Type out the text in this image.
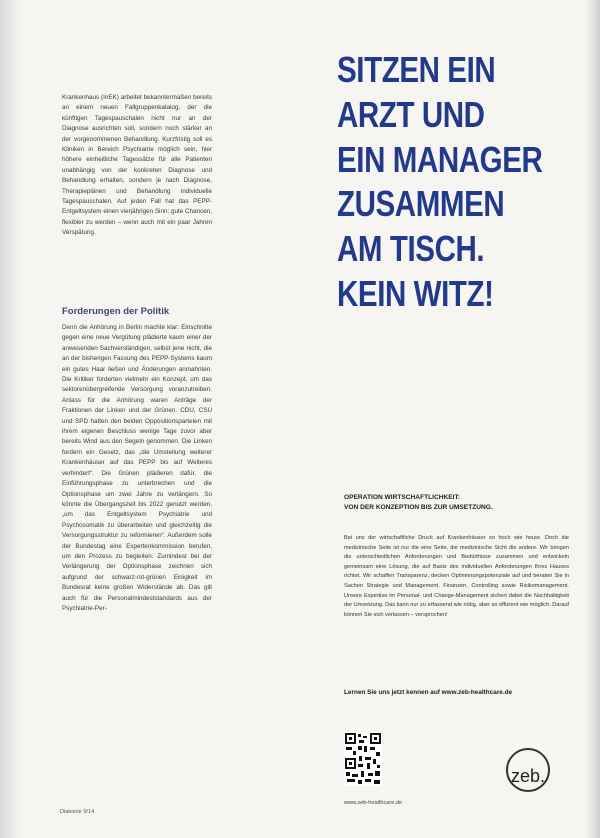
Krankenhaus (InEK) arbeitet bekanntermaßen bereits an einem neuen Fallgruppenkatalog, der die künftigen Tagespauschalen nicht nur an der Diagnose ausrichten soll, sondern noch stärker an der vorgenommenen Behandlung. Kurzfristig soll es Kliniken in Bereich Psychiatrie möglich sein, hier höhere einheitliche Tagessätze für alle Patienten unabhängig von der konkreten Diagnose und Behandlung erhalten, sondern je nach Diagnose, Therapieplänen und Behandlung individuelle Tagespauschalen. Auf jeden Fall hat das PEPP-Entgeltsystem einen vierjährigen Sinn: gute Chancen, flexibler zu werden – wenn auch mit ein paar Jahren Verspätung.

Forderungen der Politik

Denn die Anhörung in Berlin machte klar: Einschnitte gegen eine neue Vergütung plädierte kaum einer der anwesenden Sachverständigen, selbst jene nicht, die an der bisherigen Fassung des PEPP-Systems kaum ein gutes Haar ließen und Änderungen anmahnten. Die Kritiker forderten vielmehr ein Konzept, um das sektorenübergreifende Versorgung voranzutreiben. Anlass für die Anhörung waren Anträge der Fraktionen der Linken und der Grünen. CDU, CSU und SPD hatten den beiden Oppositionsparteien mit ihrem eigenen Beschluss wenige Tage zuvor aber bereits Wind aus den Segeln genommen. Die Linken fordern ein Gesetz, das „die Umstellung weiterer Krankenhäuser auf das PEPP bis auf Weiteres verhindert“. Die Grünen plädieren dafür, die Einführungsphase zu unterbrechen und die Optionsphase um zwei Jahre zu verlängern. So könnte die Übergangszeit bis 2022 genutzt werden, „um das Entgeltsystem Psychiatrie und Psychosomatik zu überarbeiten und gleichzeitig die Versorgungsstruktur zu reformieren“. Außerdem solle der Bundestag eine Expertenkommission berufen, um den Prozess zu begleiten. Zumindest bei der Verlängerung der Optionsphase zeichnen sich aufgrund der schwarz-rot-grünen Einigkeit im Bundesrat keine großen Widerstände ab. Das gilt auch für die Personalmindeststandards aus der Psychiatrie-Per-

Diakonie 9/14

SITZEN EIN

ARZT UND

EIN MANAGER

ZUSAMMEN

AM TISCH.

KEIN WITZ!

OPERATION WIRTSCHAFTLICHKEIT:
VON DER KONZEPTION BIS ZUR UMSETZUNG.
Bei uns der wirtschaftliche Druck auf Krankenhäuser so hoch wie heute. Doch die medizinische Seite ist nur die eine Seite, die medizinische Sicht die andere. Wir bringen die unterschiedlichen Anforderungen und Bedürfnisse zusammen und entwickeln gemeinsam eine Lösung, die auf Basis des individuellen Anforderungen Ihres Hauses richtet. Wir schaffen Transparenz, decken Optimierungspotenziale auf und beraten Sie in Sachen Strategie und Management, Finanzen, Controlling sowie Risikomanagement. Unsere Expertise im Personal- und Change-Management sichert dabei die Nachhaltigkeit der Umsetzung. Das kann nur zu erfassend wie nötig, aber so effizient wie möglich. Darauf können Sie sich verlassen – versprochen!
Lernen Sie uns jetzt kennen auf www.zeb-healthcare.de
www.zeb-healthcare.de
zeb.
